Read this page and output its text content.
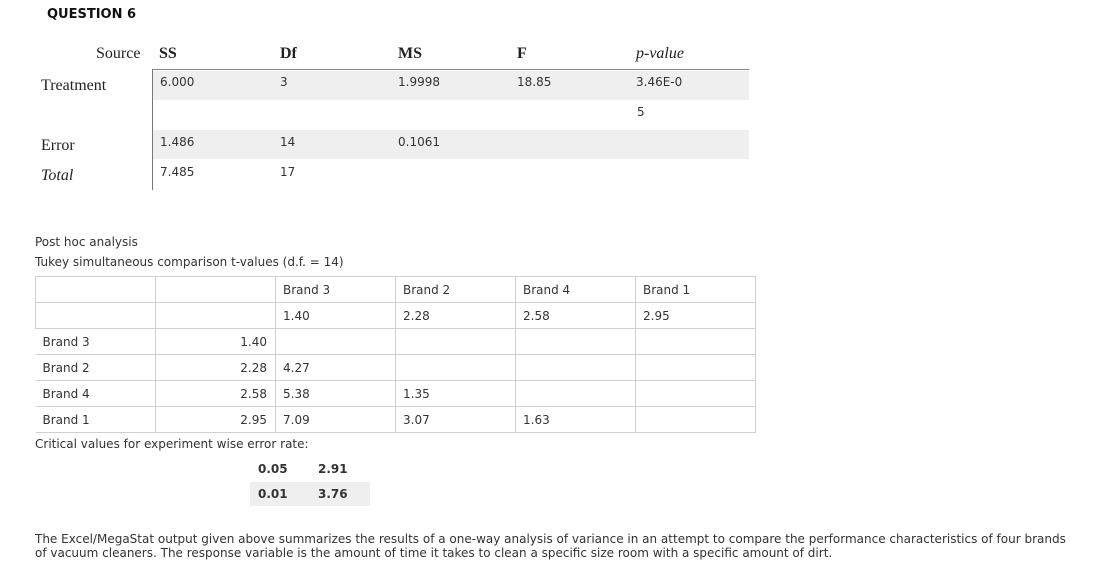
QUESTION 6
Source SS	Df	MS	F	p-value
Treatment	6.000	3	1.9998	18.85	3.46E-0
5
Error	1.486	14	0.1061
Total	7.485	17
Post hoc analysis
Tukey simultaneous comparison t-values (d.f. = 14)
		Brand 3	Brand 2	Brand 4	Brand 1
		1.40	2.28	2.58	2.95
Brand 3	1.40				
Brand 2	2.28	4.27			
Brand 4	2.58	5.38	1.35		
Brand 1	2.95	7.09	3.07	1.63	
Critical values for experiment wise error rate:
0.05	2.91
0.01	3.76
The Excel/MegaStat output given above summarizes the results of a one-way analysis of variance in an attempt to compare the performance characteristics of four brands of vacuum cleaners. The response variable is the amount of time it takes to clean a specific size room with a specific amount of dirt.
